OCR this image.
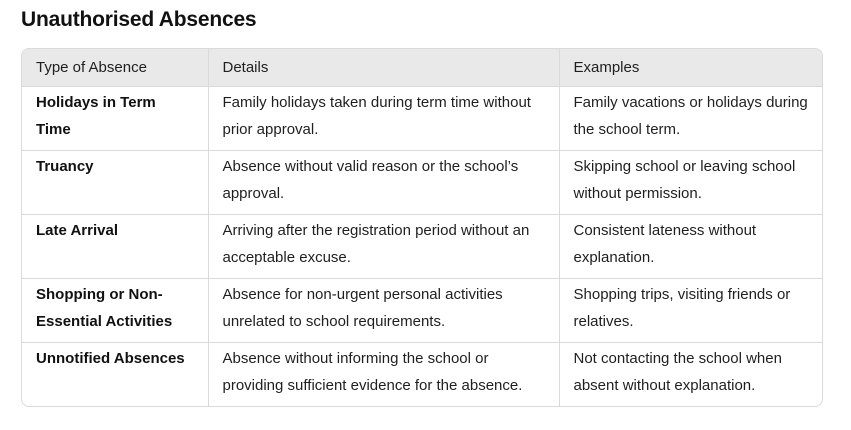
Unauthorised Absences
Type of Absence	Details	Examples

Holidays in Term Time	Family holidays taken during term time without prior approval.	Family vacations or holidays during the school term.

Truancy	Absence without valid reason or the school’s approval.	Skipping school or leaving school without permission.

Late Arrival	Arriving after the registration period without an acceptable excuse.	Consistent lateness without explanation.

Shopping or Non-Essential Activities	Absence for non-urgent personal activities unrelated to school requirements.	Shopping trips, visiting friends or relatives.

Unnotified Absences	Absence without informing the school or providing sufficient evidence for the absence.	Not contacting the school when absent without explanation.
